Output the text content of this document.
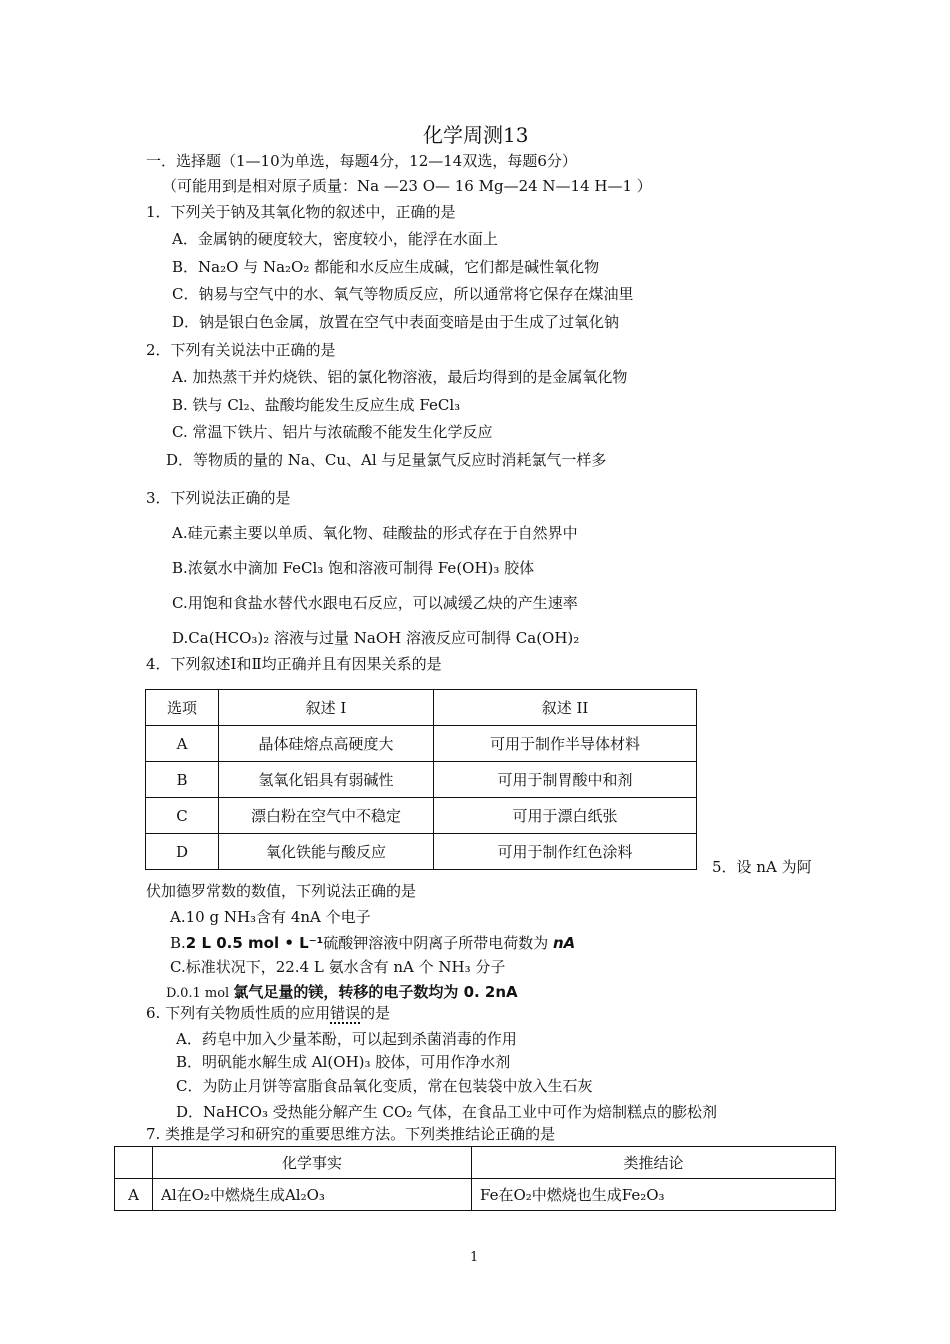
化学周测13
一．选择题（1—10为单选，每题4分，12—14双选，每题6分）
（可能用到是相对原子质量：Na —23 O— 16 Mg—24 N—14 H—1 ）
1．下列关于钠及其氧化物的叙述中，正确的是
A．金属钠的硬度较大，密度较小，能浮在水面上
B．Na₂O 与 Na₂O₂ 都能和水反应生成碱，它们都是碱性氧化物
C．钠易与空气中的水、氧气等物质反应，所以通常将它保存在煤油里
D．钠是银白色金属，放置在空气中表面变暗是由于生成了过氧化钠
2．下列有关说法中正确的是
A. 加热蒸干并灼烧铁、铝的氯化物溶液，最后均得到的是金属氧化物
B. 铁与 Cl₂、盐酸均能发生反应生成 FeCl₃
C. 常温下铁片、铝片与浓硫酸不能发生化学反应
D．等物质的量的 Na、Cu、Al 与足量氯气反应时消耗氯气一样多
3．下列说法正确的是
A.硅元素主要以单质、氧化物、硅酸盐的形式存在于自然界中
B.浓氨水中滴加 FeCl₃ 饱和溶液可制得 Fe(OH)₃ 胶体
C.用饱和食盐水替代水跟电石反应，可以减缓乙炔的产生速率
D.Ca(HCO₃)₂ 溶液与过量 NaOH 溶液反应可制得 Ca(OH)₂
4．下列叙述Ⅰ和Ⅱ均正确并且有因果关系的是
选项	叙述 I	叙述 II
A	晶体硅熔点高硬度大	可用于制作半导体材料
B	氢氧化铝具有弱碱性	可用于制胃酸中和剂
C	漂白粉在空气中不稳定	可用于漂白纸张
D	氧化铁能与酸反应	可用于制作红色涂料
5．设 nA 为阿
伏加德罗常数的数值，下列说法正确的是
A.10 g NH₃含有 4nA 个电子
B.2 L 0.5 mol • L⁻¹硫酸钾溶液中阴离子所带电荷数为 nA
C.标准状况下，22.4 L 氨水含有 nA 个 NH₃ 分子
D.0.1 mol 氯气足量的镁，转移的电子数均为 0. 2nA
6. 下列有关物质性质的应用错误的是
A．药皂中加入少量苯酚，可以起到杀菌消毒的作用
B．明矾能水解生成 Al(OH)₃ 胶体，可用作净水剂
C．为防止月饼等富脂食品氧化变质，常在包装袋中放入生石灰
D．NaHCO₃ 受热能分解产生 CO₂ 气体，在食品工业中可作为焙制糕点的膨松剂
7. 类推是学习和研究的重要思维方法。下列类推结论正确的是
	化学事实	类推结论
A	Al在O₂中燃烧生成Al₂O₃	Fe在O₂中燃烧也生成Fe₂O₃
1
